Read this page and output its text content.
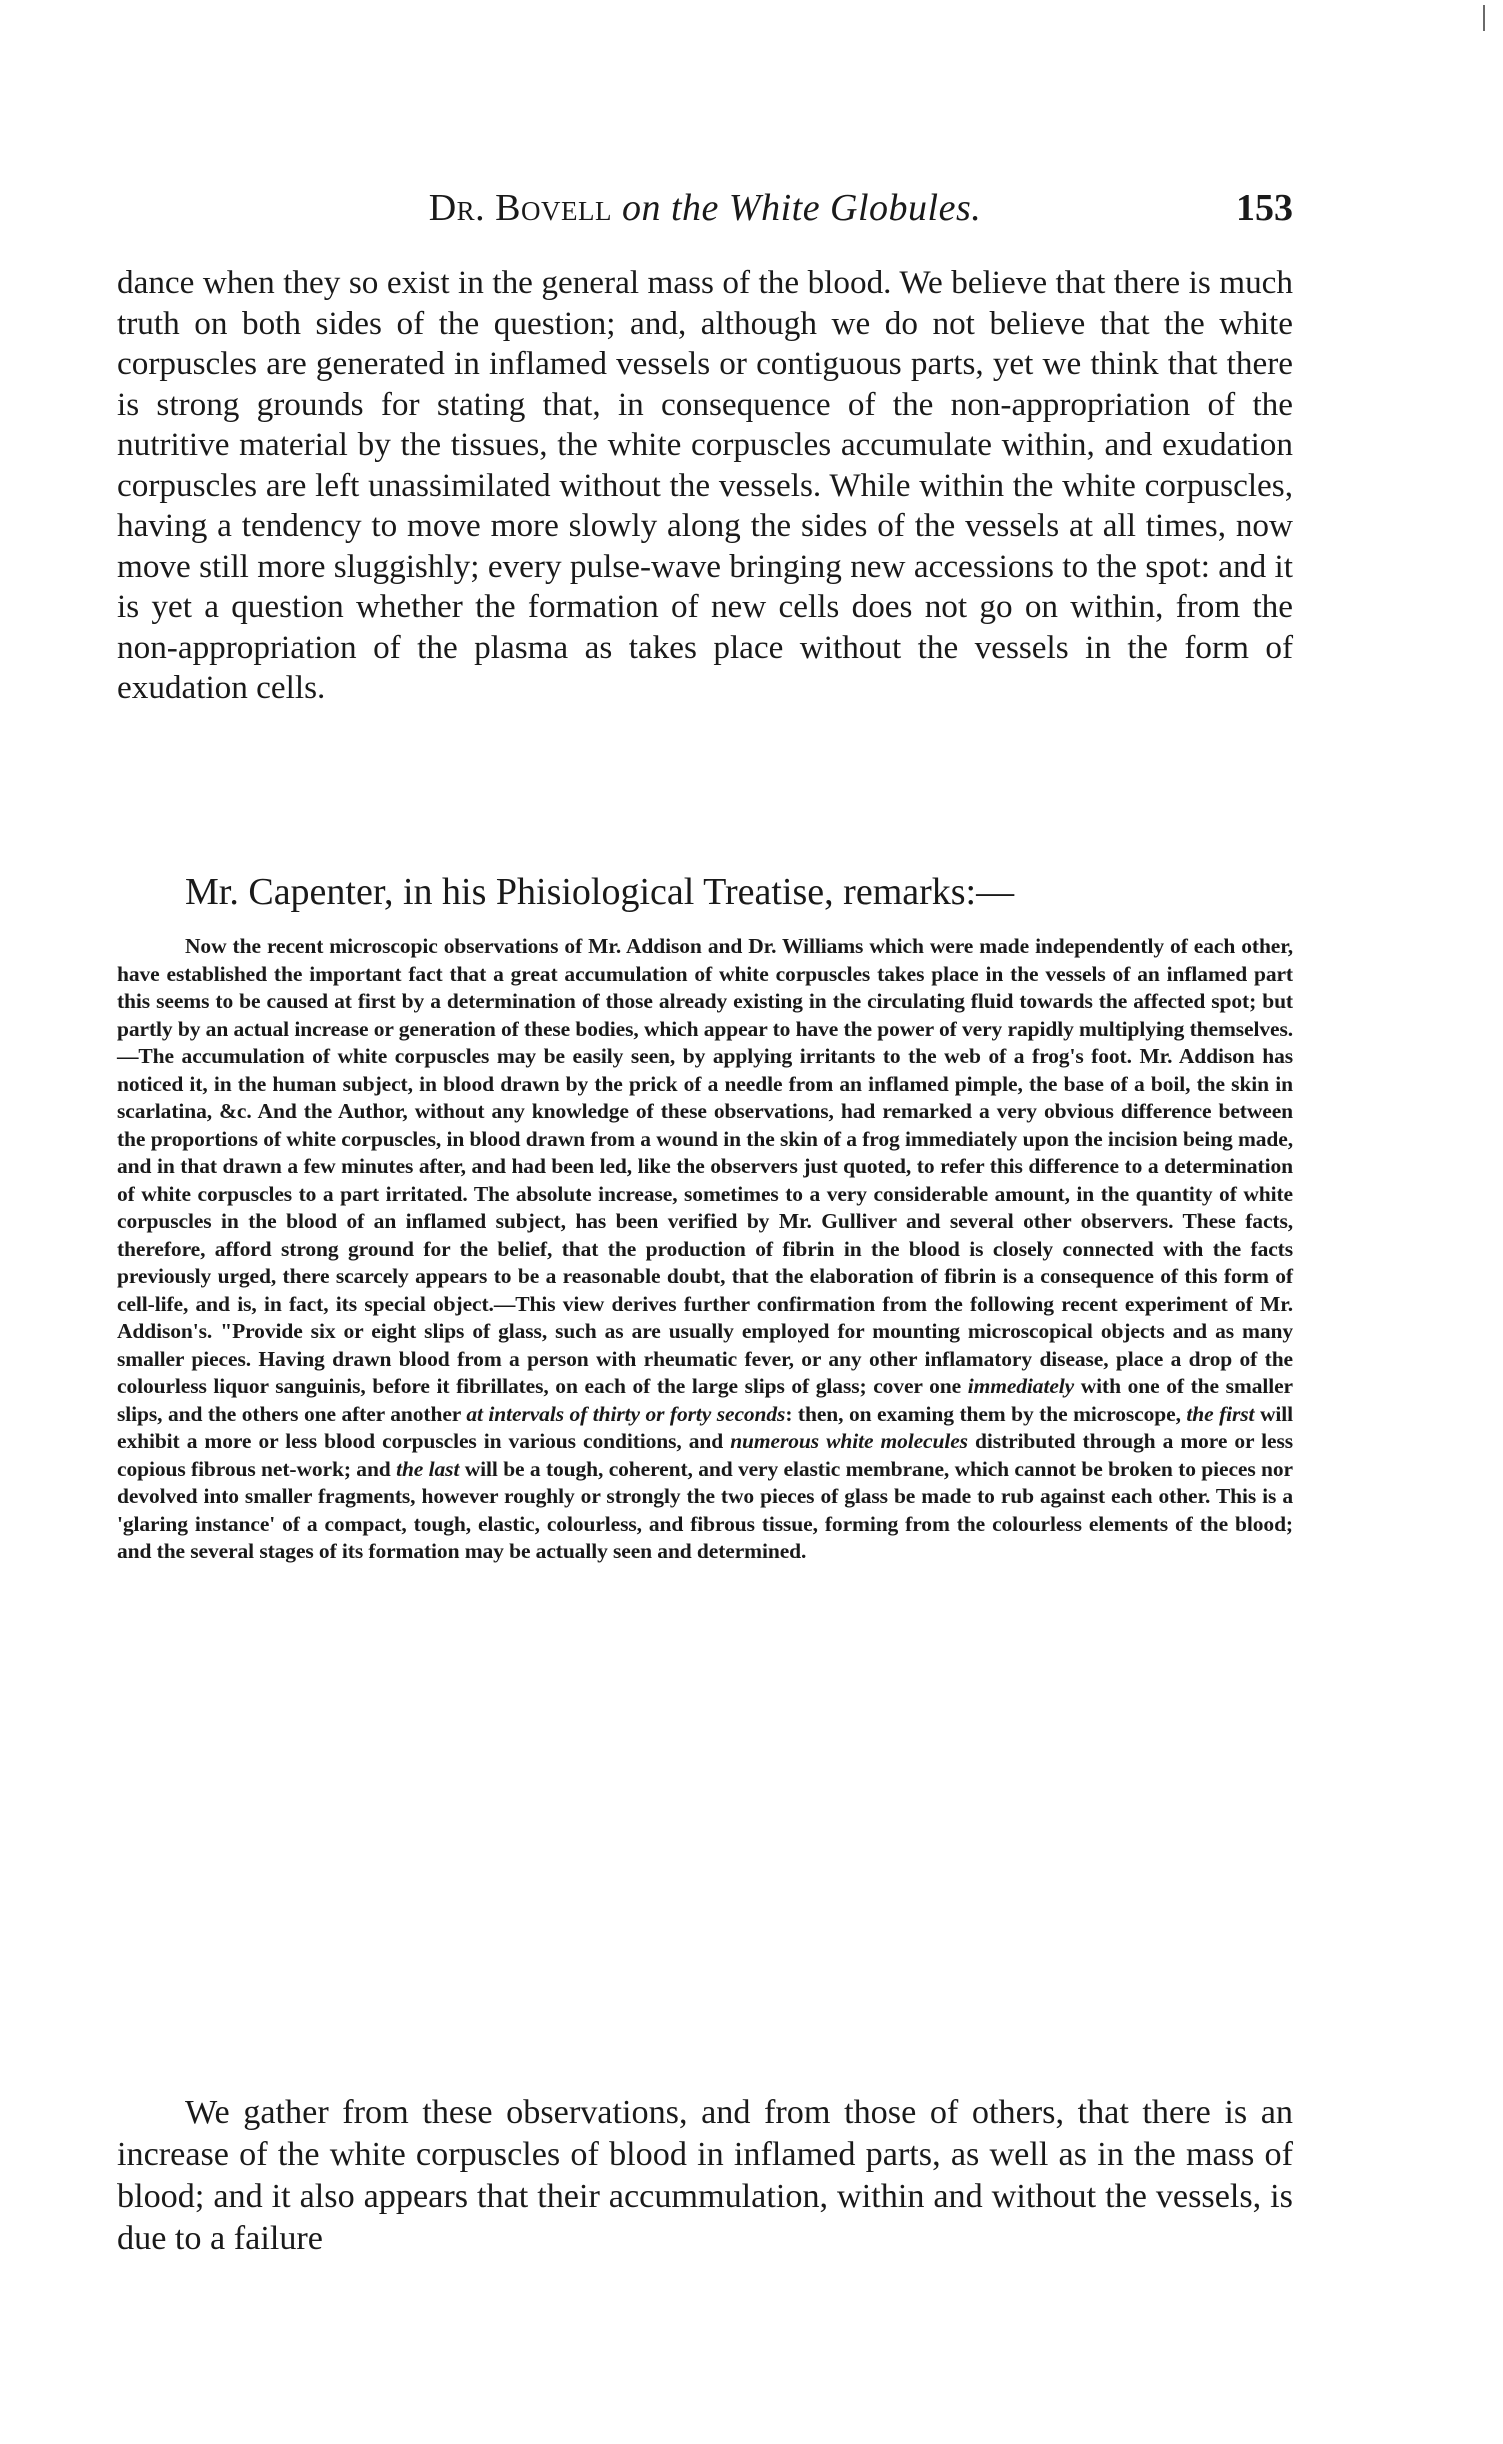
Dr. Bovell on the White Globules.	153

dance when they so exist in the general mass of the blood. We believe that there is much truth on both sides of the question; and, although we do not believe that the white corpuscles are generated in inflamed vessels or contiguous parts, yet we think that there is strong grounds for stating that, in consequence of the non-appropriation of the nutritive material by the tissues, the white corpuscles accumulate within, and exudation corpuscles are left unassimilated without the vessels. While within the white corpuscles, having a tendency to move more slowly along the sides of the vessels at all times, now move still more sluggishly; every pulse-wave bringing new accessions to the spot: and it is yet a question whether the formation of new cells does not go on within, from the non-appropriation of the plasma as takes place without the vessels in the form of exudation cells.

Mr. Capenter, in his Phisiological Treatise, remarks:—

Now the recent microscopic observations of Mr. Addison and Dr. Williams which were made independently of each other, have established the important fact that a great accumulation of white corpuscles takes place in the vessels of an inflamed part this seems to be caused at first by a determination of those already existing in the circulating fluid towards the affected spot; but partly by an actual increase or generation of these bodies, which appear to have the power of very rapidly multiplying themselves.—The accumulation of white corpuscles may be easily seen, by applying irritants to the web of a frog's foot. Mr. Addison has noticed it, in the human subject, in blood drawn by the prick of a needle from an inflamed pimple, the base of a boil, the skin in scarlatina, &c. And the Author, without any knowledge of these observations, had remarked a very obvious difference between the proportions of white corpuscles, in blood drawn from a wound in the skin of a frog immediately upon the incision being made, and in that drawn a few minutes after, and had been led, like the observers just quoted, to refer this difference to a determination of white corpuscles to a part irritated. The absolute increase, sometimes to a very considerable amount, in the quantity of white corpuscles in the blood of an inflamed subject, has been verified by Mr. Gulliver and several other observers. These facts, therefore, afford strong ground for the belief, that the production of fibrin in the blood is closely connected with the facts previously urged, there scarcely appears to be a reasonable doubt, that the elaboration of fibrin is a consequence of this form of cell-life, and is, in fact, its special object.—This view derives further confirmation from the following recent experiment of Mr. Addison's. "Provide six or eight slips of glass, such as are usually employed for mounting microscopical objects and as many smaller pieces. Having drawn blood from a person with rheumatic fever, or any other inflamatory disease, place a drop of the colourless liquor sanguinis, before it fibrillates, on each of the large slips of glass; cover one immediately with one of the smaller slips, and the others one after another at intervals of thirty or forty seconds: then, on examing them by the microscope, the first will exhibit a more or less blood corpuscles in various conditions, and numerous white molecules distributed through a more or less copious fibrous net-work; and the last will be a tough, coherent, and very elastic membrane, which cannot be broken to pieces nor devolved into smaller fragments, however roughly or strongly the two pieces of glass be made to rub against each other. This is a 'glaring instance' of a compact, tough, elastic, colourless, and fibrous tissue, forming from the colourless elements of the blood; and the several stages of its formation may be actually seen and determined.

We gather from these observations, and from those of others, that there is an increase of the white corpuscles of blood in inflamed parts, as well as in the mass of blood; and it also appears that their accummulation, within and without the vessels, is due to a failure
